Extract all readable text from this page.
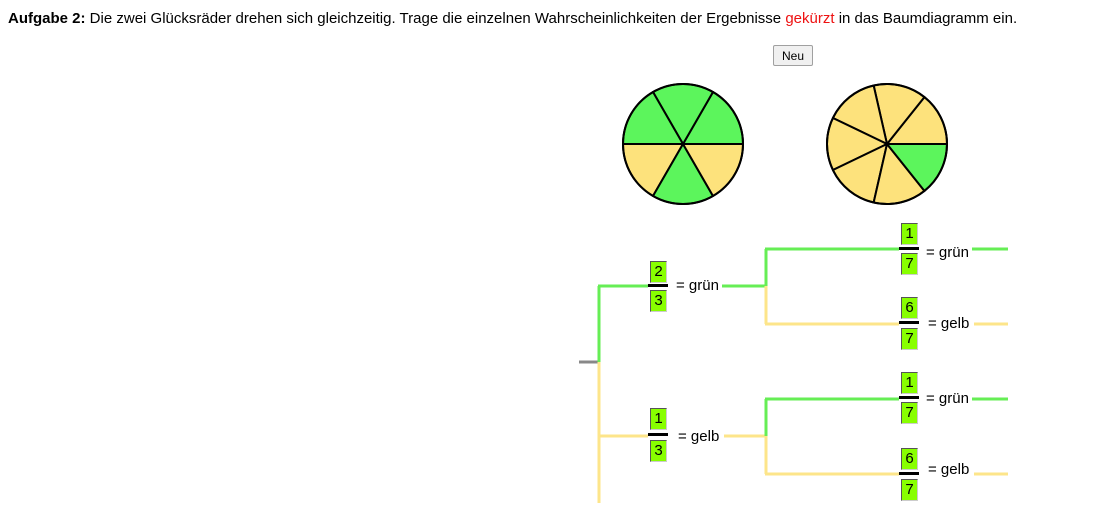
Aufgabe 2: Die zwei Glücksräder drehen sich gleichzeitig. Trage die einzelnen Wahrscheinlichkeiten der Ergebnisse gekürzt in das Baumdiagramm ein.
Neu
2
3
= grün
1
3
= gelb
1
7
= grün
6
7
= gelb
1
7
= grün
6
7
= gelb
